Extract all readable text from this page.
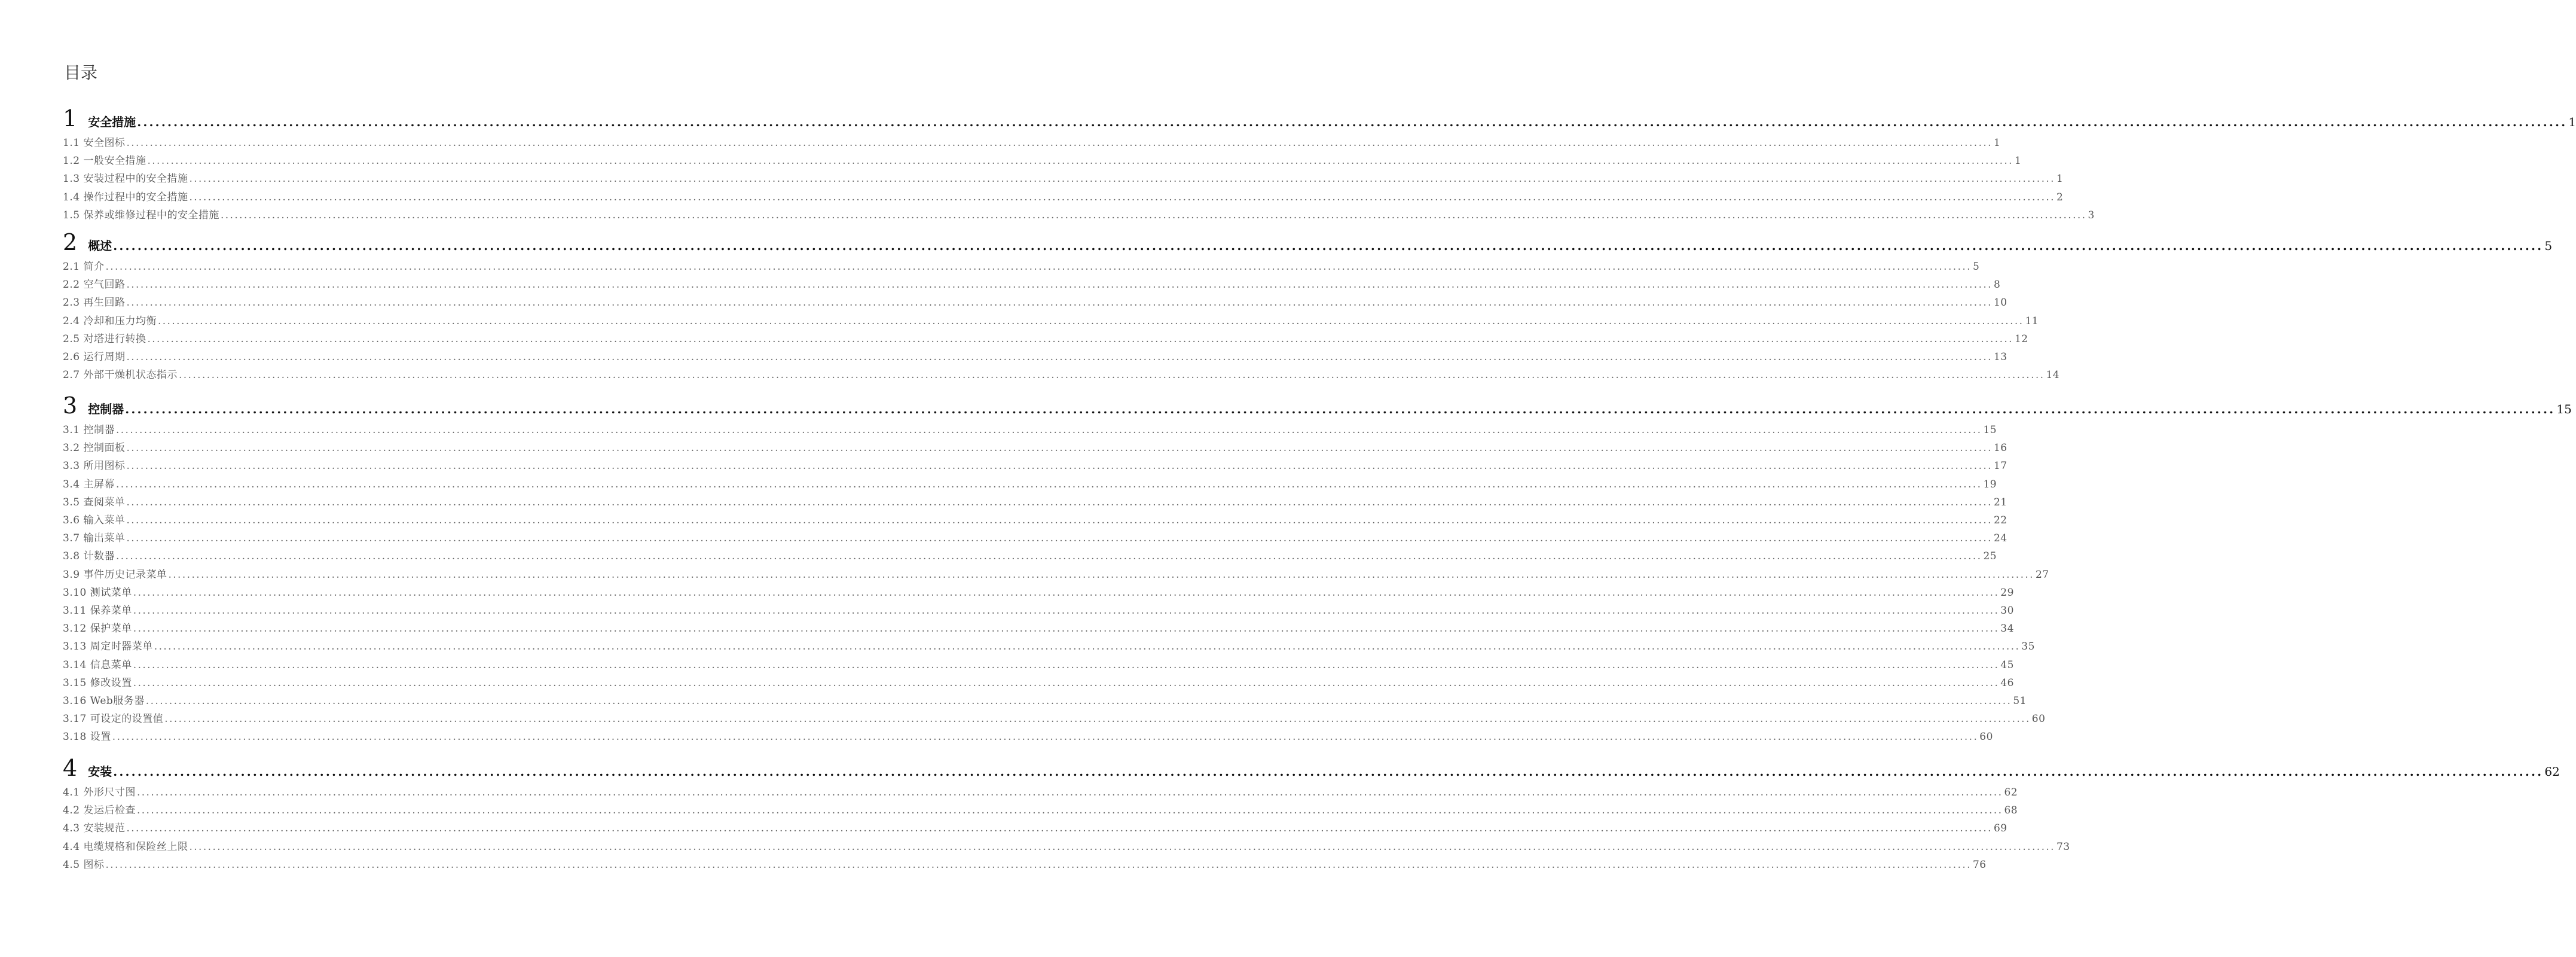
目录
1 安全措施 ................................................................................................................................................................................................................................................................................................................................................................................................................ 1
1.1 安全图标 ................................................................................................................................................................................................................................................................................................................................................................................................................ 1
1.2 一般安全措施 ................................................................................................................................................................................................................................................................................................................................................................................................................ 1
1.3 安装过程中的安全措施 ................................................................................................................................................................................................................................................................................................................................................................................................................ 1
1.4 操作过程中的安全措施 ................................................................................................................................................................................................................................................................................................................................................................................................................ 2
1.5 保养或维修过程中的安全措施 ................................................................................................................................................................................................................................................................................................................................................................................................................ 3
2 概述 ................................................................................................................................................................................................................................................................................................................................................................................................................ 5
2.1 简介 ................................................................................................................................................................................................................................................................................................................................................................................................................ 5
2.2 空气回路 ................................................................................................................................................................................................................................................................................................................................................................................................................ 8
2.3 再生回路 ................................................................................................................................................................................................................................................................................................................................................................................................................ 10
2.4 冷却和压力均衡 ................................................................................................................................................................................................................................................................................................................................................................................................................ 11
2.5 对塔进行转换 ................................................................................................................................................................................................................................................................................................................................................................................................................ 12
2.6 运行周期 ................................................................................................................................................................................................................................................................................................................................................................................................................ 13
2.7 外部干燥机状态指示 ................................................................................................................................................................................................................................................................................................................................................................................................................ 14
3 控制器 ................................................................................................................................................................................................................................................................................................................................................................................................................ 15
3.1 控制器 ................................................................................................................................................................................................................................................................................................................................................................................................................ 15
3.2 控制面板 ................................................................................................................................................................................................................................................................................................................................................................................................................ 16
3.3 所用图标 ................................................................................................................................................................................................................................................................................................................................................................................................................ 17
3.4 主屏幕 ................................................................................................................................................................................................................................................................................................................................................................................................................ 19
3.5 查阅菜单 ................................................................................................................................................................................................................................................................................................................................................................................................................ 21
3.6 输入菜单 ................................................................................................................................................................................................................................................................................................................................................................................................................ 22
3.7 输出菜单 ................................................................................................................................................................................................................................................................................................................................................................................................................ 24
3.8 计数器 ................................................................................................................................................................................................................................................................................................................................................................................................................ 25
3.9 事件历史记录菜单 ................................................................................................................................................................................................................................................................................................................................................................................................................ 27
3.10 测试菜单 ................................................................................................................................................................................................................................................................................................................................................................................................................ 29
3.11 保养菜单 ................................................................................................................................................................................................................................................................................................................................................................................................................ 30
3.12 保护菜单 ................................................................................................................................................................................................................................................................................................................................................................................................................ 34
3.13 周定时器菜单 ................................................................................................................................................................................................................................................................................................................................................................................................................ 35
3.14 信息菜单 ................................................................................................................................................................................................................................................................................................................................................................................................................ 45
3.15 修改设置 ................................................................................................................................................................................................................................................................................................................................................................................................................ 46
3.16 Web服务器 ................................................................................................................................................................................................................................................................................................................................................................................................................ 51
3.17 可设定的设置值 ................................................................................................................................................................................................................................................................................................................................................................................................................ 60
3.18 设置 ................................................................................................................................................................................................................................................................................................................................................................................................................ 60
4 安装 ................................................................................................................................................................................................................................................................................................................................................................................................................ 62
4.1 外形尺寸图 ................................................................................................................................................................................................................................................................................................................................................................................................................ 62
4.2 发运后检查 ................................................................................................................................................................................................................................................................................................................................................................................................................ 68
4.3 安装规范 ................................................................................................................................................................................................................................................................................................................................................................................................................ 69
4.4 电缆规格和保险丝上限 ................................................................................................................................................................................................................................................................................................................................................................................................................ 73
4.5 图标 ................................................................................................................................................................................................................................................................................................................................................................................................................ 76
